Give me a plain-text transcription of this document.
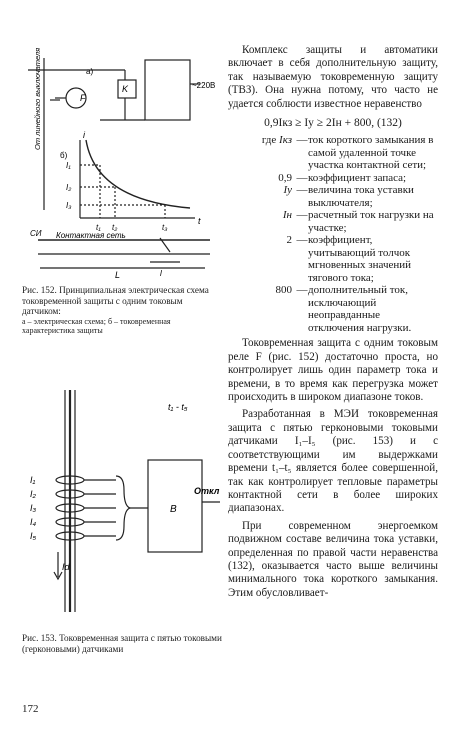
а)
F
K	~220В
б)
i
t
I₁
I₂
I₃
t₁ t₂	t₃
СИ Контактная сеть
L	l
От линейного выключателя
Рис. 152. Принципиальная электрическая схема токовременной защиты с одним токовым датчиком:
а – электрическая схема; б – токовременная характеристика защиты
t₁ - t₅
В
Откл
I₁
I₂
I₃
I₄
I₅
Id
Рис. 153. Токовременная защита с пятью токовыми (герконовыми) датчиками
172

Комплекс защиты и автоматики включает в себя дополнительную защиту, так называемую токовременную защиту (ТВЗ). Она нужна потому, что часто не удается соблюсти известное неравенство

0,9Iкз ≥ Iу ≥ 2Iн + 800, (132)
где Iкз	—	ток короткого замыкания в самой удаленной точке участка контактной сети;
0,9	—	коэффициент запаса;
Iу	—	величина тока уставки выключателя;
Iн	—	расчетный ток нагрузки на участке;
2	—	коэффициент, учитывающий толчок мгновенных значений тягового тока;
800	—	дополнительный ток, исключающий неоправданные отключения нагрузки.

Токовременная защита с одним токовым реле F (рис. 152) достаточно проста, но контролирует лишь один параметр тока и времени, в то время как перегрузка может происходить в широком диапазоне токов.

Разработанная в МЭИ токовременная защита с пятью герконовыми токовыми датчиками I₁–I₅ (рис. 153) и с соответствующими им выдержками времени t₁–t₅ является более совершенной, так как контролирует тепловые параметры контактной сети в более широких диапазонах.

При современном энергоемком подвижном составе величина тока уставки, определенная по правой части неравенства (132), оказывается часто выше величины минимального тока короткого замыкания. Этим обусловливает-
